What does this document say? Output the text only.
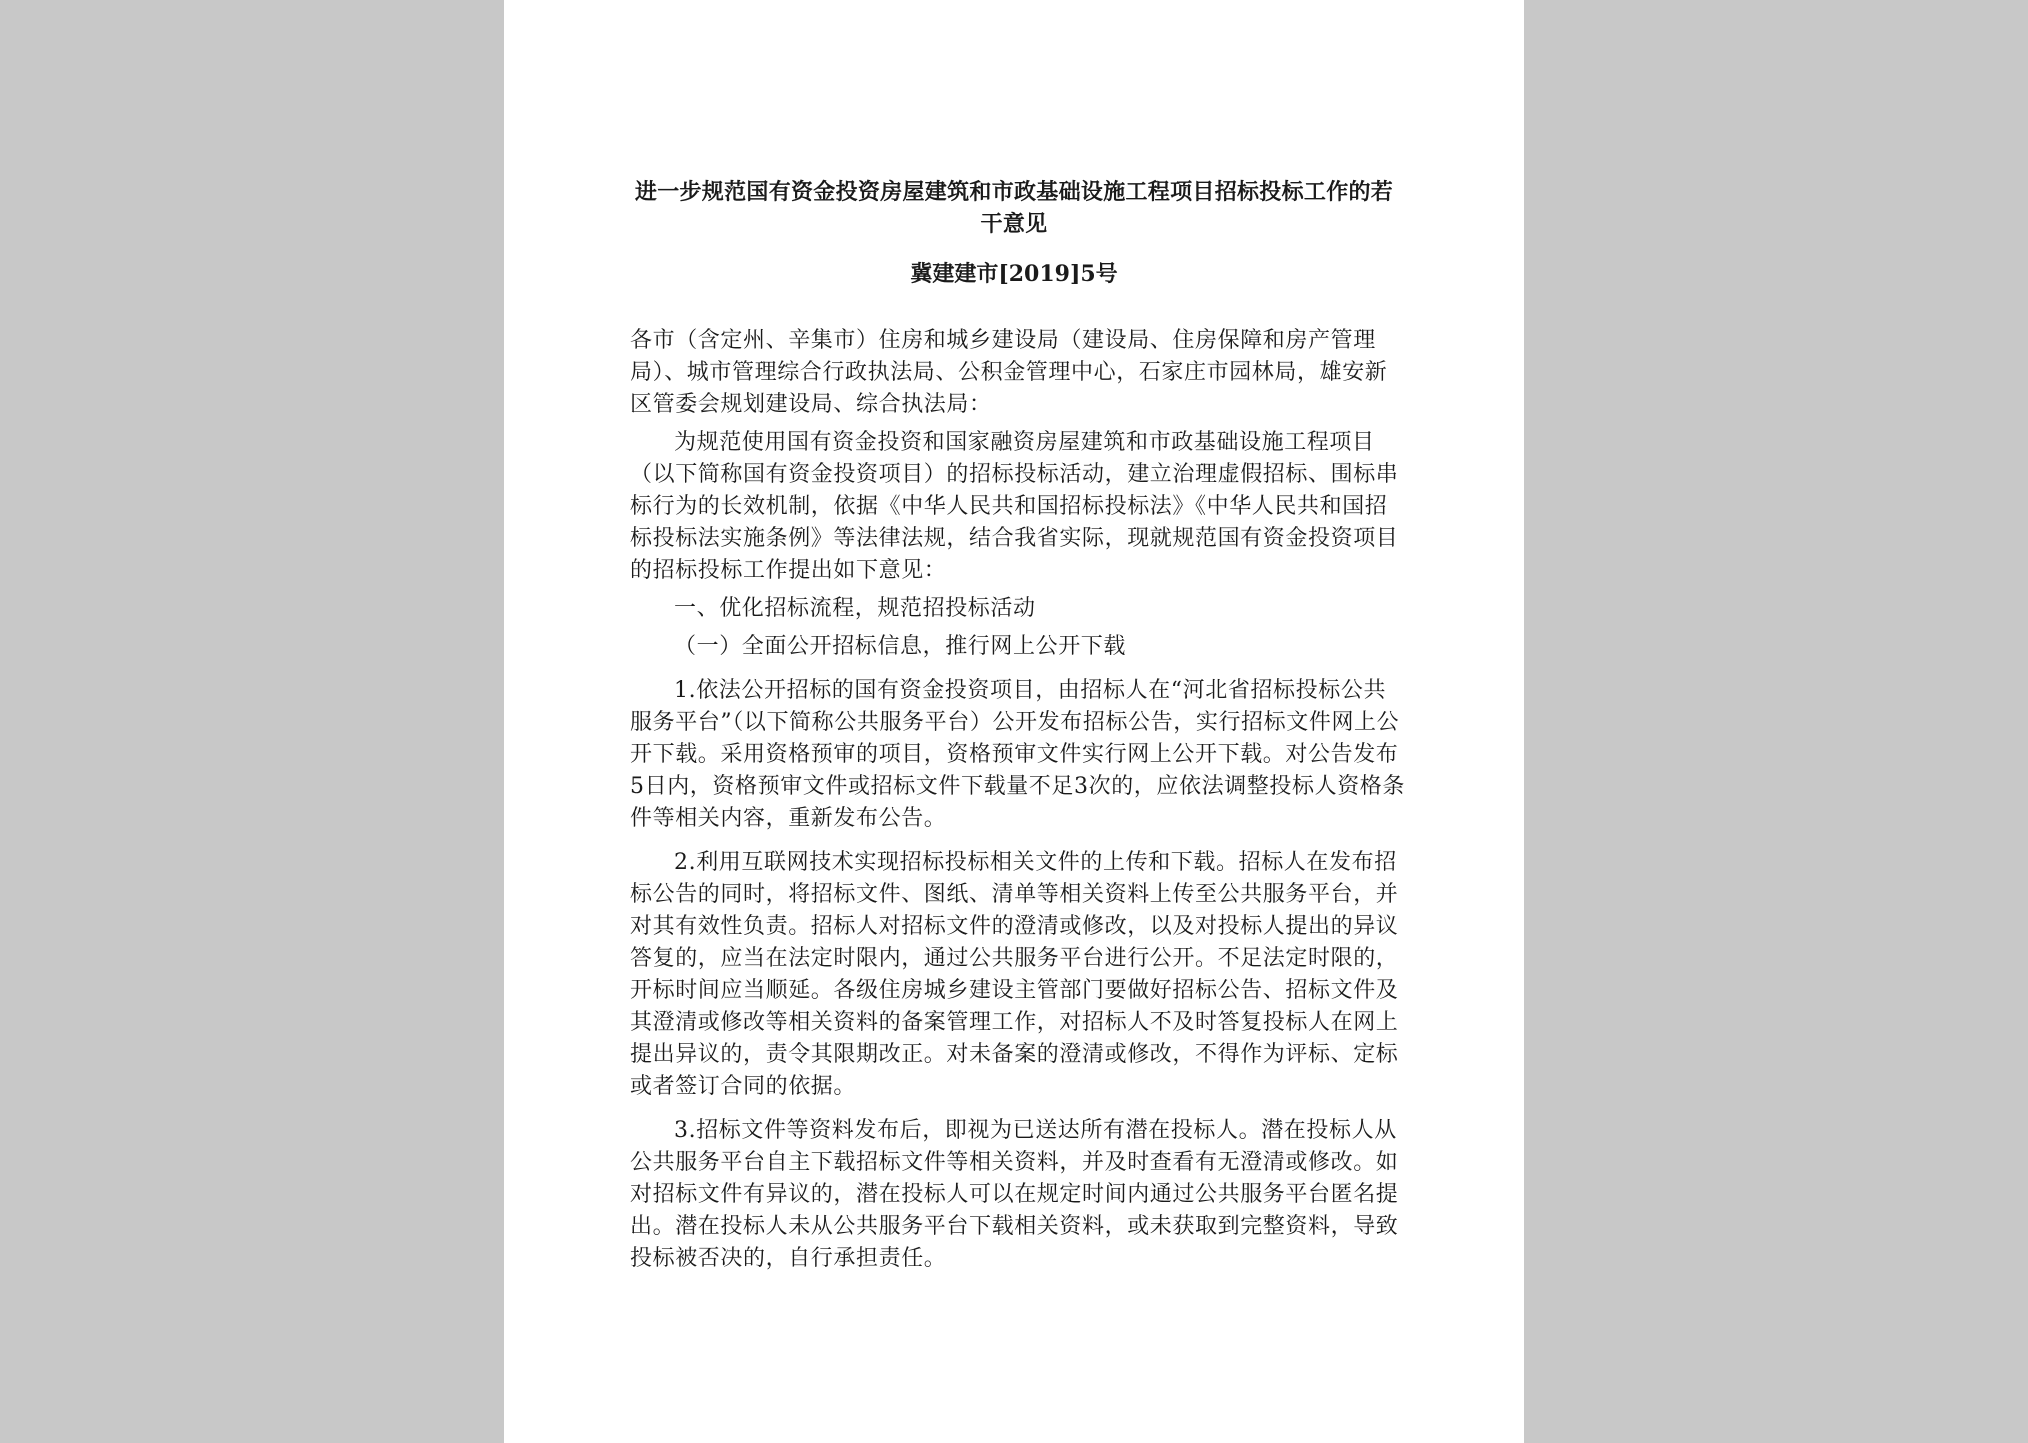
进一步规范国有资金投资房屋建筑和市政基础设施工程项目招标投标工作的若干意见
冀建建市[2019]5号

各市（含定州、辛集市）住房和城乡建设局（建设局、住房保障和房产管理局）、城市管理综合行政执法局、公积金管理中心，石家庄市园林局，雄安新区管委会规划建设局、综合执法局：

为规范使用国有资金投资和国家融资房屋建筑和市政基础设施工程项目（以下简称国有资金投资项目）的招标投标活动，建立治理虚假招标、围标串标行为的长效机制，依据《中华人民共和国招标投标法》《中华人民共和国招标投标法实施条例》等法律法规，结合我省实际，现就规范国有资金投资项目的招标投标工作提出如下意见：

一、优化招标流程，规范招投标活动

（一）全面公开招标信息，推行网上公开下载

1.依法公开招标的国有资金投资项目，由招标人在“河北省招标投标公共服务平台”（以下简称公共服务平台）公开发布招标公告，实行招标文件网上公开下载。采用资格预审的项目，资格预审文件实行网上公开下载。对公告发布5日内，资格预审文件或招标文件下载量不足3次的，应依法调整投标人资格条件等相关内容，重新发布公告。

2.利用互联网技术实现招标投标相关文件的上传和下载。招标人在发布招标公告的同时，将招标文件、图纸、清单等相关资料上传至公共服务平台，并对其有效性负责。招标人对招标文件的澄清或修改，以及对投标人提出的异议答复的，应当在法定时限内，通过公共服务平台进行公开。不足法定时限的，开标时间应当顺延。各级住房城乡建设主管部门要做好招标公告、招标文件及其澄清或修改等相关资料的备案管理工作，对招标人不及时答复投标人在网上提出异议的，责令其限期改正。对未备案的澄清或修改，不得作为评标、定标或者签订合同的依据。

3.招标文件等资料发布后，即视为已送达所有潜在投标人。潜在投标人从公共服务平台自主下载招标文件等相关资料，并及时查看有无澄清或修改。如对招标文件有异议的，潜在投标人可以在规定时间内通过公共服务平台匿名提出。潜在投标人未从公共服务平台下载相关资料，或未获取到完整资料，导致投标被否决的，自行承担责任。
